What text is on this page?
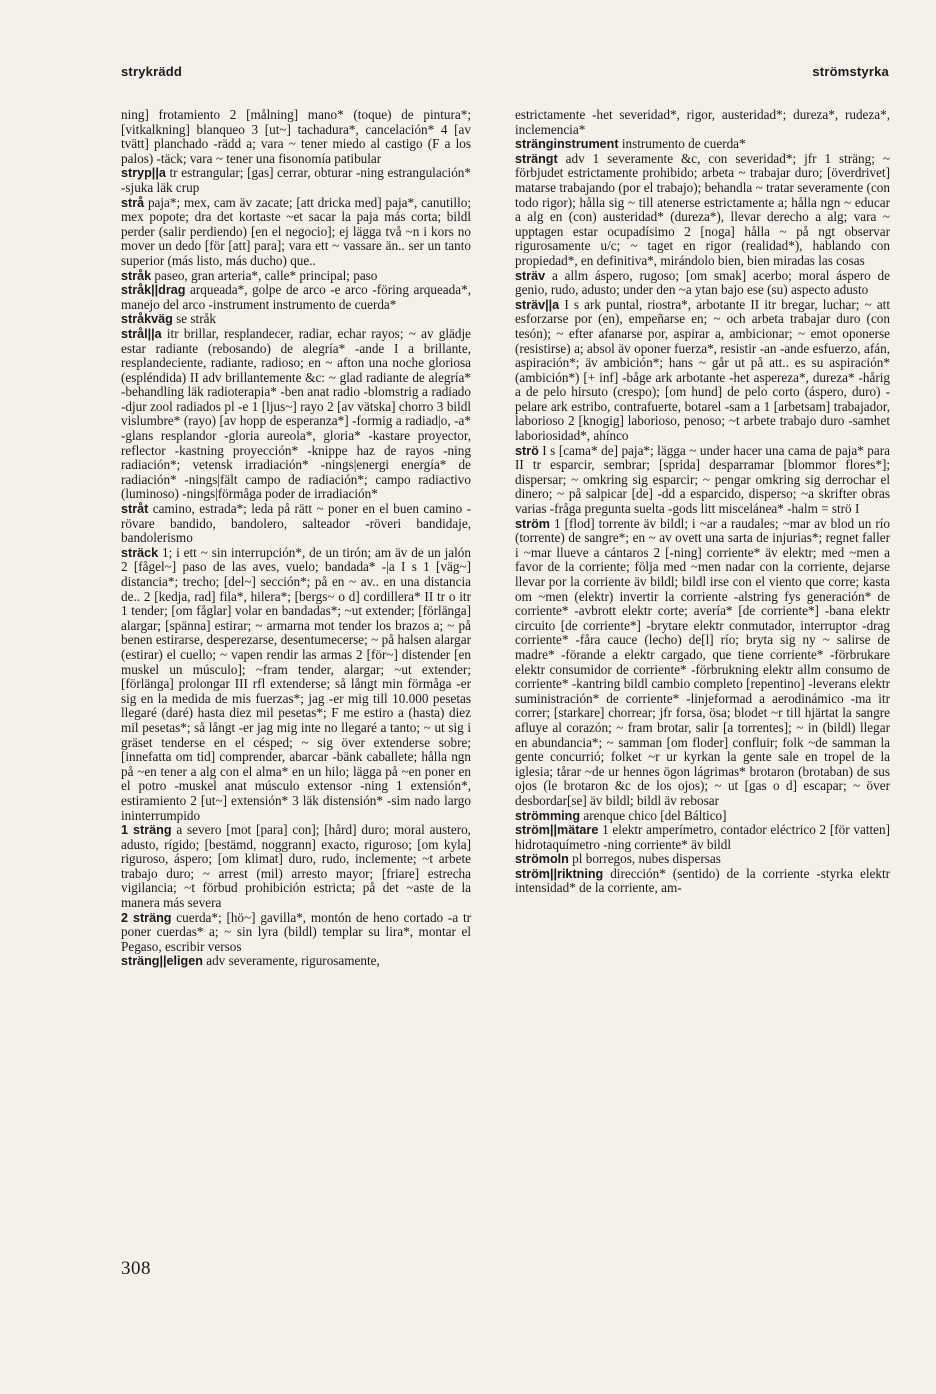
strykrädd	strömstyrka

ning] frotamiento 2 [målning] mano* (toque) de pintura*; [vitkalkning] blanqueo 3 [ut~] tachadura*, cancelación* 4 [av tvätt] planchado -rädd a; vara ~ tener miedo al castigo (F a los palos) -täck; vara ~ tener una fisonomía patibular

stryp||a tr estrangular; [gas] cerrar, obturar -ning estrangulación* -sjuka läk crup

strå paja*; mex, cam äv zacate; [att dricka med] paja*, canutillo; mex popote; dra det kortaste ~et sacar la paja más corta; bildl perder (salir perdiendo) [en el negocio]; ej lägga två ~n i kors no mover un dedo [för [att] para]; vara ett ~ vassare än.. ser un tanto superior (más listo, más ducho) que..

stråk paseo, gran arteria*, calle* principal; paso

stråk||drag arqueada*, golpe de arco -e arco -föring arqueada*, manejo del arco -instrument instrumento de cuerda*

stråkväg se stråk

strål||a itr brillar, resplandecer, radiar, echar rayos; ~ av glädje estar radiante (rebosando) de alegría* -ande I a brillante, resplandeciente, radiante, radioso; en ~ afton una noche gloriosa (espléndida) II adv brillantemente &c: ~ glad radiante de alegría* -behandling läk radioterapia* -ben anat radio -blomstrig a radiado -djur zool radiados pl -e 1 [ljus~] rayo 2 [av vätska] chorro 3 bildl vislumbre* (rayo) [av hopp de esperanza*] -formig a radiad|o, -a* -glans resplandor -gloria aureola*, gloria* -kastare proyector, reflector -kastning proyección* -knippe haz de rayos -ning radiación*; vetensk irradiación* -nings|energi energía* de radiación* -nings|fält campo de radiación*; campo radiactivo (luminoso) -nings|förmåga poder de irradiación*

stråt camino, estrada*; leda på rätt ~ poner en el buen camino -rövare bandido, bandolero, salteador -röveri bandidaje, bandolerismo

sträck 1; i ett ~ sin interrupción*, de un tirón; am äv de un jalón 2 [fågel~] paso de las aves, vuelo; bandada* -|a I s 1 [väg~] distancia*; trecho; [del~] sección*; på en ~ av.. en una distancia de.. 2 [kedja, rad] fila*, hilera*; [bergs~ o d] cordillera* II tr o itr 1 tender; [om fåglar] volar en bandadas*; ~ut extender; [förlänga] alargar; [spänna] estirar; ~ armarna mot tender los brazos a; ~ på benen estirarse, desperezarse, desentumecerse; ~ på halsen alargar (estirar) el cuello; ~ vapen rendir las armas 2 [för~] distender [en muskel un músculo]; ~fram tender, alargar; ~ut extender; [förlänga] prolongar III rfl extenderse; så långt min förmåga -er sig en la medida de mis fuerzas*; jag -er mig till 10.000 pesetas llegaré (daré) hasta diez mil pesetas*; F me estiro a (hasta) diez mil pesetas*; så långt -er jag mig inte no llegaré a tanto; ~ ut sig i gräset tenderse en el césped; ~ sig över extenderse sobre; [innefatta om tid] comprender, abarcar -bänk caballete; hålla ngn på ~en tener a alg con el alma* en un hilo; lägga på ~en poner en el potro -muskel anat músculo extensor -ning 1 extensión*, estiramiento 2 [ut~] extensión* 3 läk distensión* -sim nado largo ininterrumpido

1 sträng a severo [mot [para] con]; [hård] duro; moral austero, adusto, rígido; [bestämd, noggrann] exacto, riguroso; [om kyla] riguroso, áspero; [om klimat] duro, rudo, inclemente; ~t arbete trabajo duro; ~ arrest (mil) arresto mayor; [friare] estrecha vigilancia; ~t förbud prohibición estricta; på det ~aste de la manera más severa

2 sträng cuerda*; [hö~] gavilla*, montón de heno cortado -a tr poner cuerdas* a; ~ sin lyra (bildl) templar su lira*, montar el Pegaso, escribir versos

sträng||eligen adv severamente, rigurosamente,

estrictamente -het severidad*, rigor, austeridad*; dureza*, rudeza*, inclemencia*

stränginstrument instrumento de cuerda*

strängt adv 1 severamente &c, con severidad*; jfr 1 sträng; ~ förbjudet estrictamente prohibido; arbeta ~ trabajar duro; [överdrivet] matarse trabajando (por el trabajo); behandla ~ tratar severamente (con todo rigor); hålla sig ~ till atenerse estrictamente a; hålla ngn ~ educar a alg en (con) austeridad* (dureza*), llevar derecho a alg; vara ~ upptagen estar ocupadísimo 2 [noga] hålla ~ på ngt observar rigurosamente u/c; ~ taget en rigor (realidad*), hablando con propiedad*, en definitiva*, mirándolo bien, bien miradas las cosas

sträv a allm áspero, rugoso; [om smak] acerbo; moral áspero de genio, rudo, adusto; under den ~a ytan bajo ese (su) aspecto adusto

sträv||a I s ark puntal, riostra*, arbotante II itr bregar, luchar; ~ att esforzarse por (en), empeñarse en; ~ och arbeta trabajar duro (con tesón); ~ efter afanarse por, aspirar a, ambicionar; ~ emot oponerse (resistirse) a; absol äv oponer fuerza*, resistir -an -ande esfuerzo, afán, aspiración*; äv ambición*; hans ~ går ut på att.. es su aspiración* (ambición*) [+ inf] -båge ark arbotante -het aspereza*, dureza* -hårig a de pelo hirsuto (crespo); [om hund] de pelo corto (áspero, duro) -pelare ark estribo, contrafuerte, botarel -sam a 1 [arbetsam] trabajador, laborioso 2 [knogig] laborioso, penoso; ~t arbete trabajo duro -samhet laboriosidad*, ahínco

strö I s [cama* de] paja*; lägga ~ under hacer una cama de paja* para II tr esparcir, sembrar; [sprida] desparramar [blommor flores*]; dispersar; ~ omkring sig esparcir; ~ pengar omkring sig derrochar el dinero; ~ på salpicar [de] -dd a esparcido, disperso; ~a skrifter obras varias -fråga pregunta suelta -gods litt miscelánea* -halm = strö I

ström 1 [flod] torrente äv bildl; i ~ar a raudales; ~mar av blod un río (torrente) de sangre*; en ~ av ovett una sarta de injurias*; regnet faller i ~mar llueve a cántaros 2 [-ning] corriente* äv elektr; med ~men a favor de la corriente; följa med ~men nadar con la corriente, dejarse llevar por la corriente äv bildl; bildl irse con el viento que corre; kasta om ~men (elektr) invertir la corriente -alstring fys generación* de corriente* -avbrott elektr corte; avería* [de corriente*] -bana elektr circuito [de corriente*] -brytare elektr conmutador, interruptor -drag corriente* -fåra cauce (lecho) de[l] río; bryta sig ny ~ salirse de madre* -förande a elektr cargado, que tiene corriente* -förbrukare elektr consumidor de corriente* -förbrukning elektr allm consumo de corriente* -kantring bildl cambio completo [repentino] -leverans elektr suministración* de corriente* -linjeformad a aerodinámico -ma itr correr; [starkare] chorrear; jfr forsa, ösa; blodet ~r till hjärtat la sangre afluye al corazón; ~ fram brotar, salir [a torrentes]; ~ in (bildl) llegar en abundancia*; ~ samman [om floder] confluir; folk ~de samman la gente concurrió; folket ~r ur kyrkan la gente sale en tropel de la iglesia; tårar ~de ur hennes ögon lágrimas* brotaron (brotaban) de sus ojos (le brotaron &c de los ojos); ~ ut [gas o d] escapar; ~ över desbordar[se] äv bildl; bildl äv rebosar

strömming arenque chico [del Báltico]

ström||mätare 1 elektr amperímetro, contador eléctrico 2 [för vatten] hidrotaquímetro -ning corriente* äv bildl

strömoln pl borregos, nubes dispersas

ström||riktning dirección* (sentido) de la corriente -styrka elektr intensidad* de la corriente, am-

308
